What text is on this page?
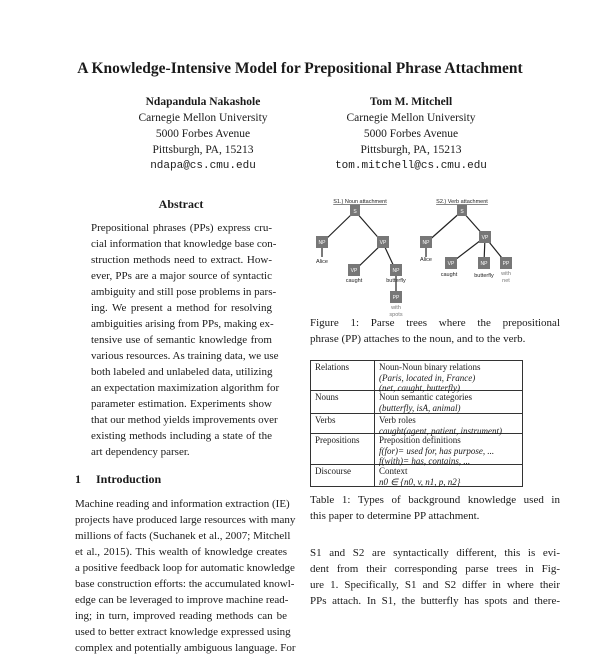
A Knowledge-Intensive Model for Prepositional Phrase Attachment
Ndapandula Nakashole
Carnegie Mellon University
5000 Forbes Avenue
Pittsburgh, PA, 15213
ndapa@cs.cmu.edu
Tom M. Mitchell
Carnegie Mellon University
5000 Forbes Avenue
Pittsburgh, PA, 15213
tom.mitchell@cs.cmu.edu
Abstract
Prepositional phrases (PPs) express cru-
cial information that knowledge base con-
struction methods need to extract. How-
ever, PPs are a major source of syntactic
ambiguity and still pose problems in pars-
ing. We present a method for resolving
ambiguities arising from PPs, making ex-
tensive use of semantic knowledge from
various resources. As training data, we use
both labeled and unlabeled data, utilizing
an expectation maximization algorithm for
parameter estimation. Experiments show
that our method yields improvements over
existing methods including a state of the
art dependency parser.
1 Introduction
Machine reading and information extraction (IE)
projects have produced large resources with many
millions of facts (Suchanek et al., 2007; Mitchell
et al., 2015). This wealth of knowledge creates
a positive feedback loop for automatic knowledge
base construction efforts: the accumulated knowl-
edge can be leveraged to improve machine read-
ing; in turn, improved reading methods can be
used to better extract knowledge expressed using
complex and potentially ambiguous language. For
S
NP	VP
VP	NP
PP
S
NP
VP
VP	NP	PP
S1.) Noun attachment	S2.) Verb attachment
Alice
caught	butterfly
with
spots
Alice
caught	butterfly with
net
Figure 1: Parse trees where the prepositional
phrase (PP) attaches to the noun, and to the verb.
Relations	Noun-Noun binary relations
(Paris, located in, France)
(net, caught, butterfly)
Nouns	Noun semantic categories
(butterfly, isA, animal)
Verbs	Verb roles
caught(agent, patient, instrument)
Prepositions Preposition definitions
f(for)= used for, has purpose, ...
f(with)= has, contains, ...
Discourse	Context
n0 ∈ {n0, v, n1, p, n2}
Table 1: Types of background knowledge used in
this paper to determine PP attachment.
S1 and S2 are syntactically different, this is evi-
dent from their corresponding parse trees in Fig-
ure 1. Specifically, S1 and S2 differ in where their
PPs attach. In S1, the butterfly has spots and there-
